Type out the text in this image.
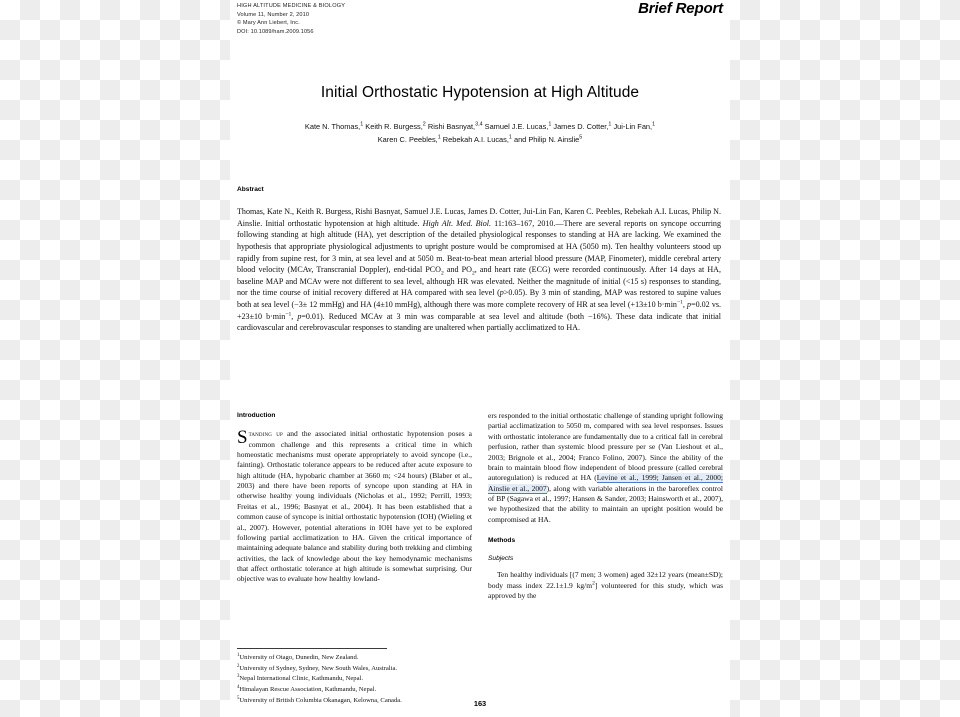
HIGH ALTITUDE MEDICINE & BIOLOGY
Volume 11, Number 2, 2010
© Mary Ann Liebert, Inc.
DOI: 10.1089/ham.2009.1056
Brief Report
Initial Orthostatic Hypotension at High Altitude
Kate N. Thomas,$^1$ Keith R. Burgess,$^2$ Rishi Basnyat,$^{3,4}$ Samuel J.E. Lucas,$^1$ James D. Cotter,$^1$ Jui-Lin Fan,$^1$
Karen C. Peebles,$^1$ Rebekah A.I. Lucas,$^1$ and Philip N. Ainslie$^5$
Abstract
Thomas, Kate N., Keith R. Burgess, Rishi Basnyat, Samuel J.E. Lucas, James D. Cotter, Jui-Lin Fan, Karen C. Peebles, Rebekah A.I. Lucas, Philip N. Ainslie. Initial orthostatic hypotension at high altitude. High Alt. Med. Biol. 11:163–167, 2010.—There are several reports on syncope occurring following standing at high altitude (HA), yet description of the detailed physiological responses to standing at HA are lacking. We examined the hypothesis that appropriate physiological adjustments to upright posture would be compromised at HA (5050 m). Ten healthy volunteers stood up rapidly from supine rest, for 3 min, at sea level and at 5050 m. Beat-to-beat mean arterial blood pressure (MAP, Finometer), middle cerebral artery blood velocity (MCAv, Transcranial Doppler), end-tidal $PCO_2$ and $PO_2$, and heart rate (ECG) were recorded continuously. After 14 days at HA, baseline MAP and MCAv were not different to sea level, although HR was elevated. Neither the magnitude of initial (<15 s) responses to standing, nor the time course of initial recovery differed at HA compared with sea level (p>0.05). By 3 min of standing, MAP was restored to supine values both at sea level (−3± 12 mmHg) and HA (4±10 mmHg), although there was more complete recovery of HR at sea level (+13±10 $b\cdot\min^{-1}$, p=0.02 vs. +23±10 $b\cdot\min^{-1}$, p=0.01). Reduced MCAv at 3 min was comparable at sea level and altitude (both −16%). These data indicate that initial cardiovascular and cerebrovascular responses to standing are unaltered when partially acclimatized to HA.
Introduction

Standing up and the associated initial orthostatic hypotension poses a common challenge and this represents a critical time in which homeostatic mechanisms must operate appropriately to avoid syncope (i.e., fainting). Orthostatic tolerance appears to be reduced after acute exposure to high altitude (HA, hypobaric chamber at 3660 m; <24 hours) (Blaber et al., 2003) and there have been reports of syncope upon standing at HA in otherwise healthy young individuals (Nicholas et al., 1992; Perrill, 1993; Freitas et al., 1996; Basnyat et al., 2004). It has been established that a common cause of syncope is initial orthostatic hypotension (IOH) (Wieling et al., 2007). However, potential alterations in IOH have yet to be explored following partial acclimatization to HA. Given the critical importance of maintaining adequate balance and stability during both trekking and climbing activities, the lack of knowledge about the key hemodynamic mechanisms that affect orthostatic tolerance at high altitude is somewhat surprising. Our objective was to evaluate how healthy lowland-

ers responded to the initial orthostatic challenge of standing upright following partial acclimatization to 5050 m, compared with sea level responses. Issues with orthostatic intolerance are fundamentally due to a critical fall in cerebral perfusion, rather than systemic blood pressure per se (Van Lieshout et al., 2003; Brignole et al., 2004; Franco Folino, 2007). Since the ability of the brain to maintain blood flow independent of blood pressure (called cerebral autoregulation) is reduced at HA (Levine et al., 1999; Jansen et al., 2000; Ainslie et al., 2007), along with variable alterations in the baroreflex control of BP (Sagawa et al., 1997; Hansen & Sander, 2003; Hainsworth et al., 2007), we hypothesized that the ability to maintain an upright position would be compromised at HA.

Methods
Subjects

Ten healthy individuals [(7 men; 3 women) aged 32±12 years (mean±SD); body mass index 22.1±1.9 $kg/m^2$] volunteered for this study, which was approved by the

$^1$University of Otago, Dunedin, New Zealand.
$^2$University of Sydney, Sydney, New South Wales, Australia.
$^3$Nepal International Clinic, Kathmandu, Nepal.
$^4$Himalayan Rescue Association, Kathmandu, Nepal.
$^5$University of British Columbia Okanagan, Kelowna, Canada.	163
